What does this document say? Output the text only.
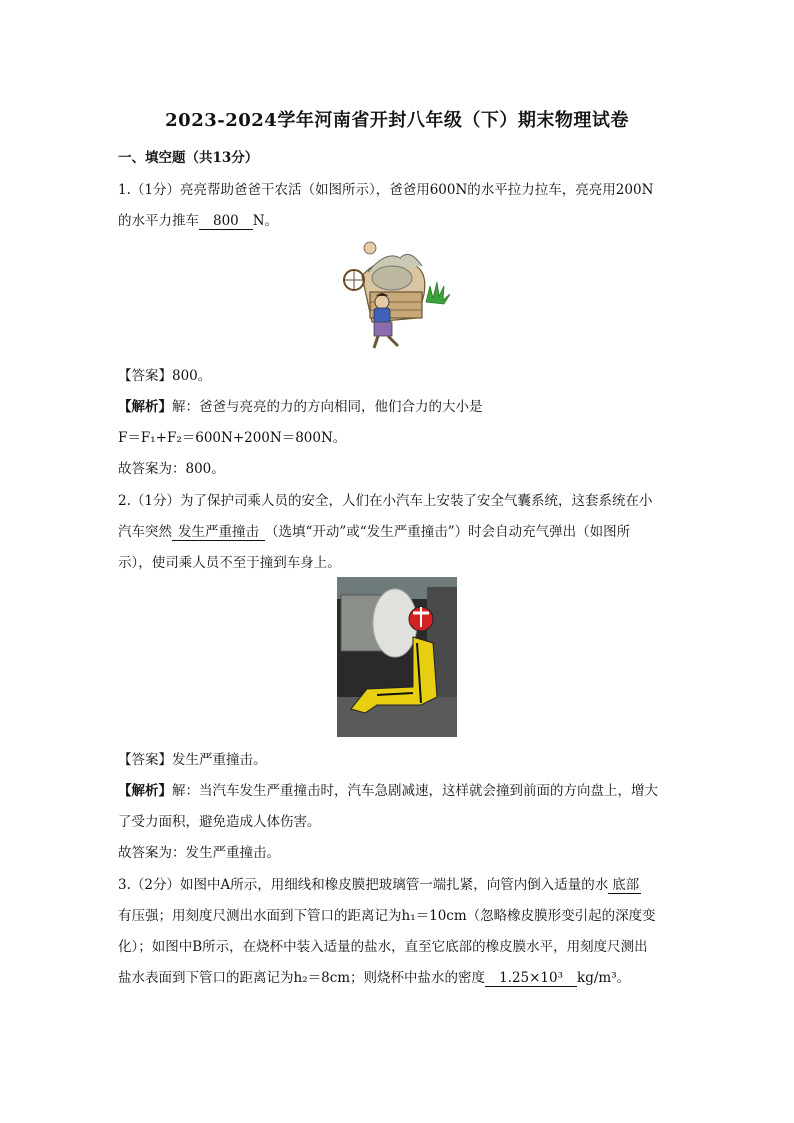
2023-2024学年河南省开封八年级（下）期末物理试卷
一、填空题（共13分）
1.（1分）亮亮帮助爸爸干农活（如图所示），爸爸用600N的水平拉力拉车，亮亮用200N
的水平力推车 800 N。
【答案】800。
【解析】解：爸爸与亮亮的力的方向相同，他们合力的大小是
F＝F₁+F₂＝600N+200N＝800N。
故答案为：800。
2.（1分）为了保护司乘人员的安全，人们在小汽车上安装了安全气囊系统，这套系统在小
汽车突然 发生严重撞击 （选填“开动”或“发生严重撞击”）时会自动充气弹出（如图所
示），使司乘人员不至于撞到车身上。
【答案】发生严重撞击。
【解析】解：当汽车发生严重撞击时，汽车急剧减速，这样就会撞到前面的方向盘上，增大
了受力面积，避免造成人体伤害。
故答案为：发生严重撞击。
3.（2分）如图中A所示，用细线和橡皮膜把玻璃管一端扎紧，向管内倒入适量的水 底部
有压强；用刻度尺测出水面到下管口的距离记为h₁＝10cm（忽略橡皮膜形变引起的深度变
化）；如图中B所示，在烧杯中装入适量的盐水，直至它底部的橡皮膜水平，用刻度尺测出
盐水表面到下管口的距离记为h₂＝8cm；则烧杯中盐水的密度 1.25×10³ kg/m³。
